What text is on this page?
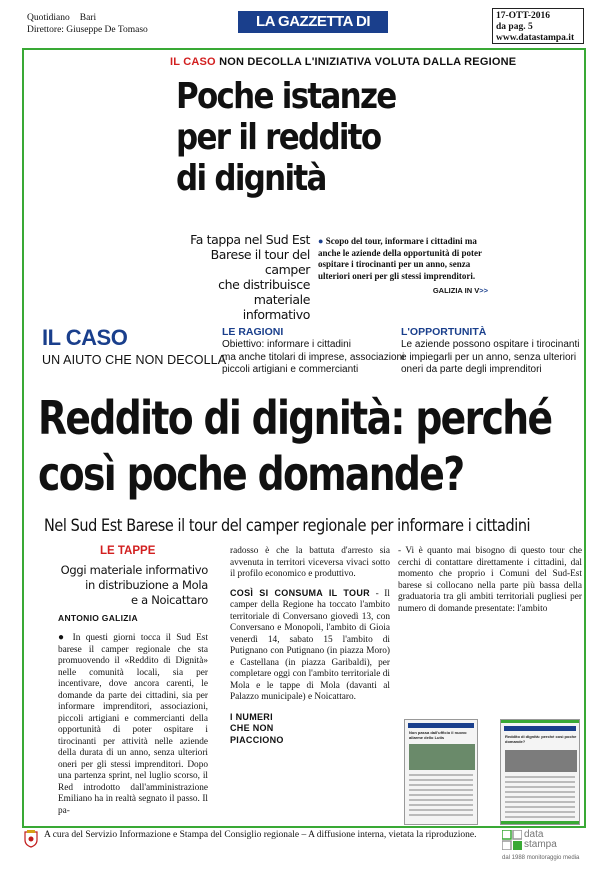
Quotidiano Bari
Direttore: Giuseppe De Tomaso	LA GAZZETTA DI BARI
17-OTT-2016
da pag. 5
www.datastampa.it
IL CASO NON DECOLLA L'INIZIATIVA VOLUTA DALLA REGIONE
Poche istanze
per il reddito
di dignità
Fa tappa nel Sud Est
Barese il tour del camper
che distribuisce
materiale informativo
● Scopo del tour, informare i cittadini ma anche le aziende della opportunità di poter ospitare i tirocinanti per un anno, senza ulteriori oneri per gli stessi imprenditori.
GALIZIA IN V>>
IL CASO
UN AIUTO CHE NON DECOLLA
LE RAGIONI
Obiettivo: informare i cittadini
ma anche titolari di imprese, associazioni
piccoli artigiani e commercianti
L'OPPORTUNITÀ
Le aziende possono ospitare i tirocinanti
e impiegarli per un anno, senza ulteriori
oneri da parte degli imprenditori
Reddito di dignità: perché
così poche domande?
Nel Sud Est Barese il tour del camper regionale per informare i cittadini
LE TAPPE
Oggi materiale informativo
in distribuzione a Mola
e a Noicattaro
ANTONIO GALIZIA
● In questi giorni tocca il Sud Est barese il camper regionale che sta promuovendo il «Reddito di Dignità» nelle comunità locali, sia per incentivare, dove ancora carenti, le domande da parte dei cittadini, sia per informare imprenditori, associazioni, piccoli artigiani e commercianti della opportunità di poter ospitare i tirocinanti per attività nelle aziende della durata di un anno, senza ulteriori oneri per gli stessi imprenditori. Dopo una partenza sprint, nel luglio scorso, il Red introdotto dall'amministrazione Emiliano ha in realtà segnato il passo. Il pa-
radosso è che la battuta d'arresto sia avvenuta in territori viceversa vivaci sotto il profilo economico e produttivo.
COSÌ SI CONSUMA IL TOUR - Il camper della Regione ha toccato l'ambito territoriale di Conversano giovedì 13, con Conversano e Monopoli, l'ambito di Gioia venerdì 14, sabato 15 l'ambito di Putignano con Putignano (in piazza Moro) e Castellana (in piazza Garibaldi), per completare oggi con l'ambito territoriale di Mola e le tappe di Mola (davanti al Palazzo municipale) e Noicattaro.
I NUMERI
CHE NON
PIACCIONO
- Vi è quanto mai bisogno di questo tour che cerchi di contattare direttamente i cittadini, dal momento che proprio i Comuni del Sud-Est barese si collocano nella parte più bassa della graduatoria tra gli ambiti territoriali pugliesi per numero di domande presentate: l'ambito
Non passa dall'ufficio il nuovo allarme dello Lutis	Reddito di dignità: perché così poche domande?
A cura del Servizio Informazione e Stampa del Consiglio regionale – A diffusione interna, vietata la riproduzione.	data
stampa
dal 1988 monitoraggio media
